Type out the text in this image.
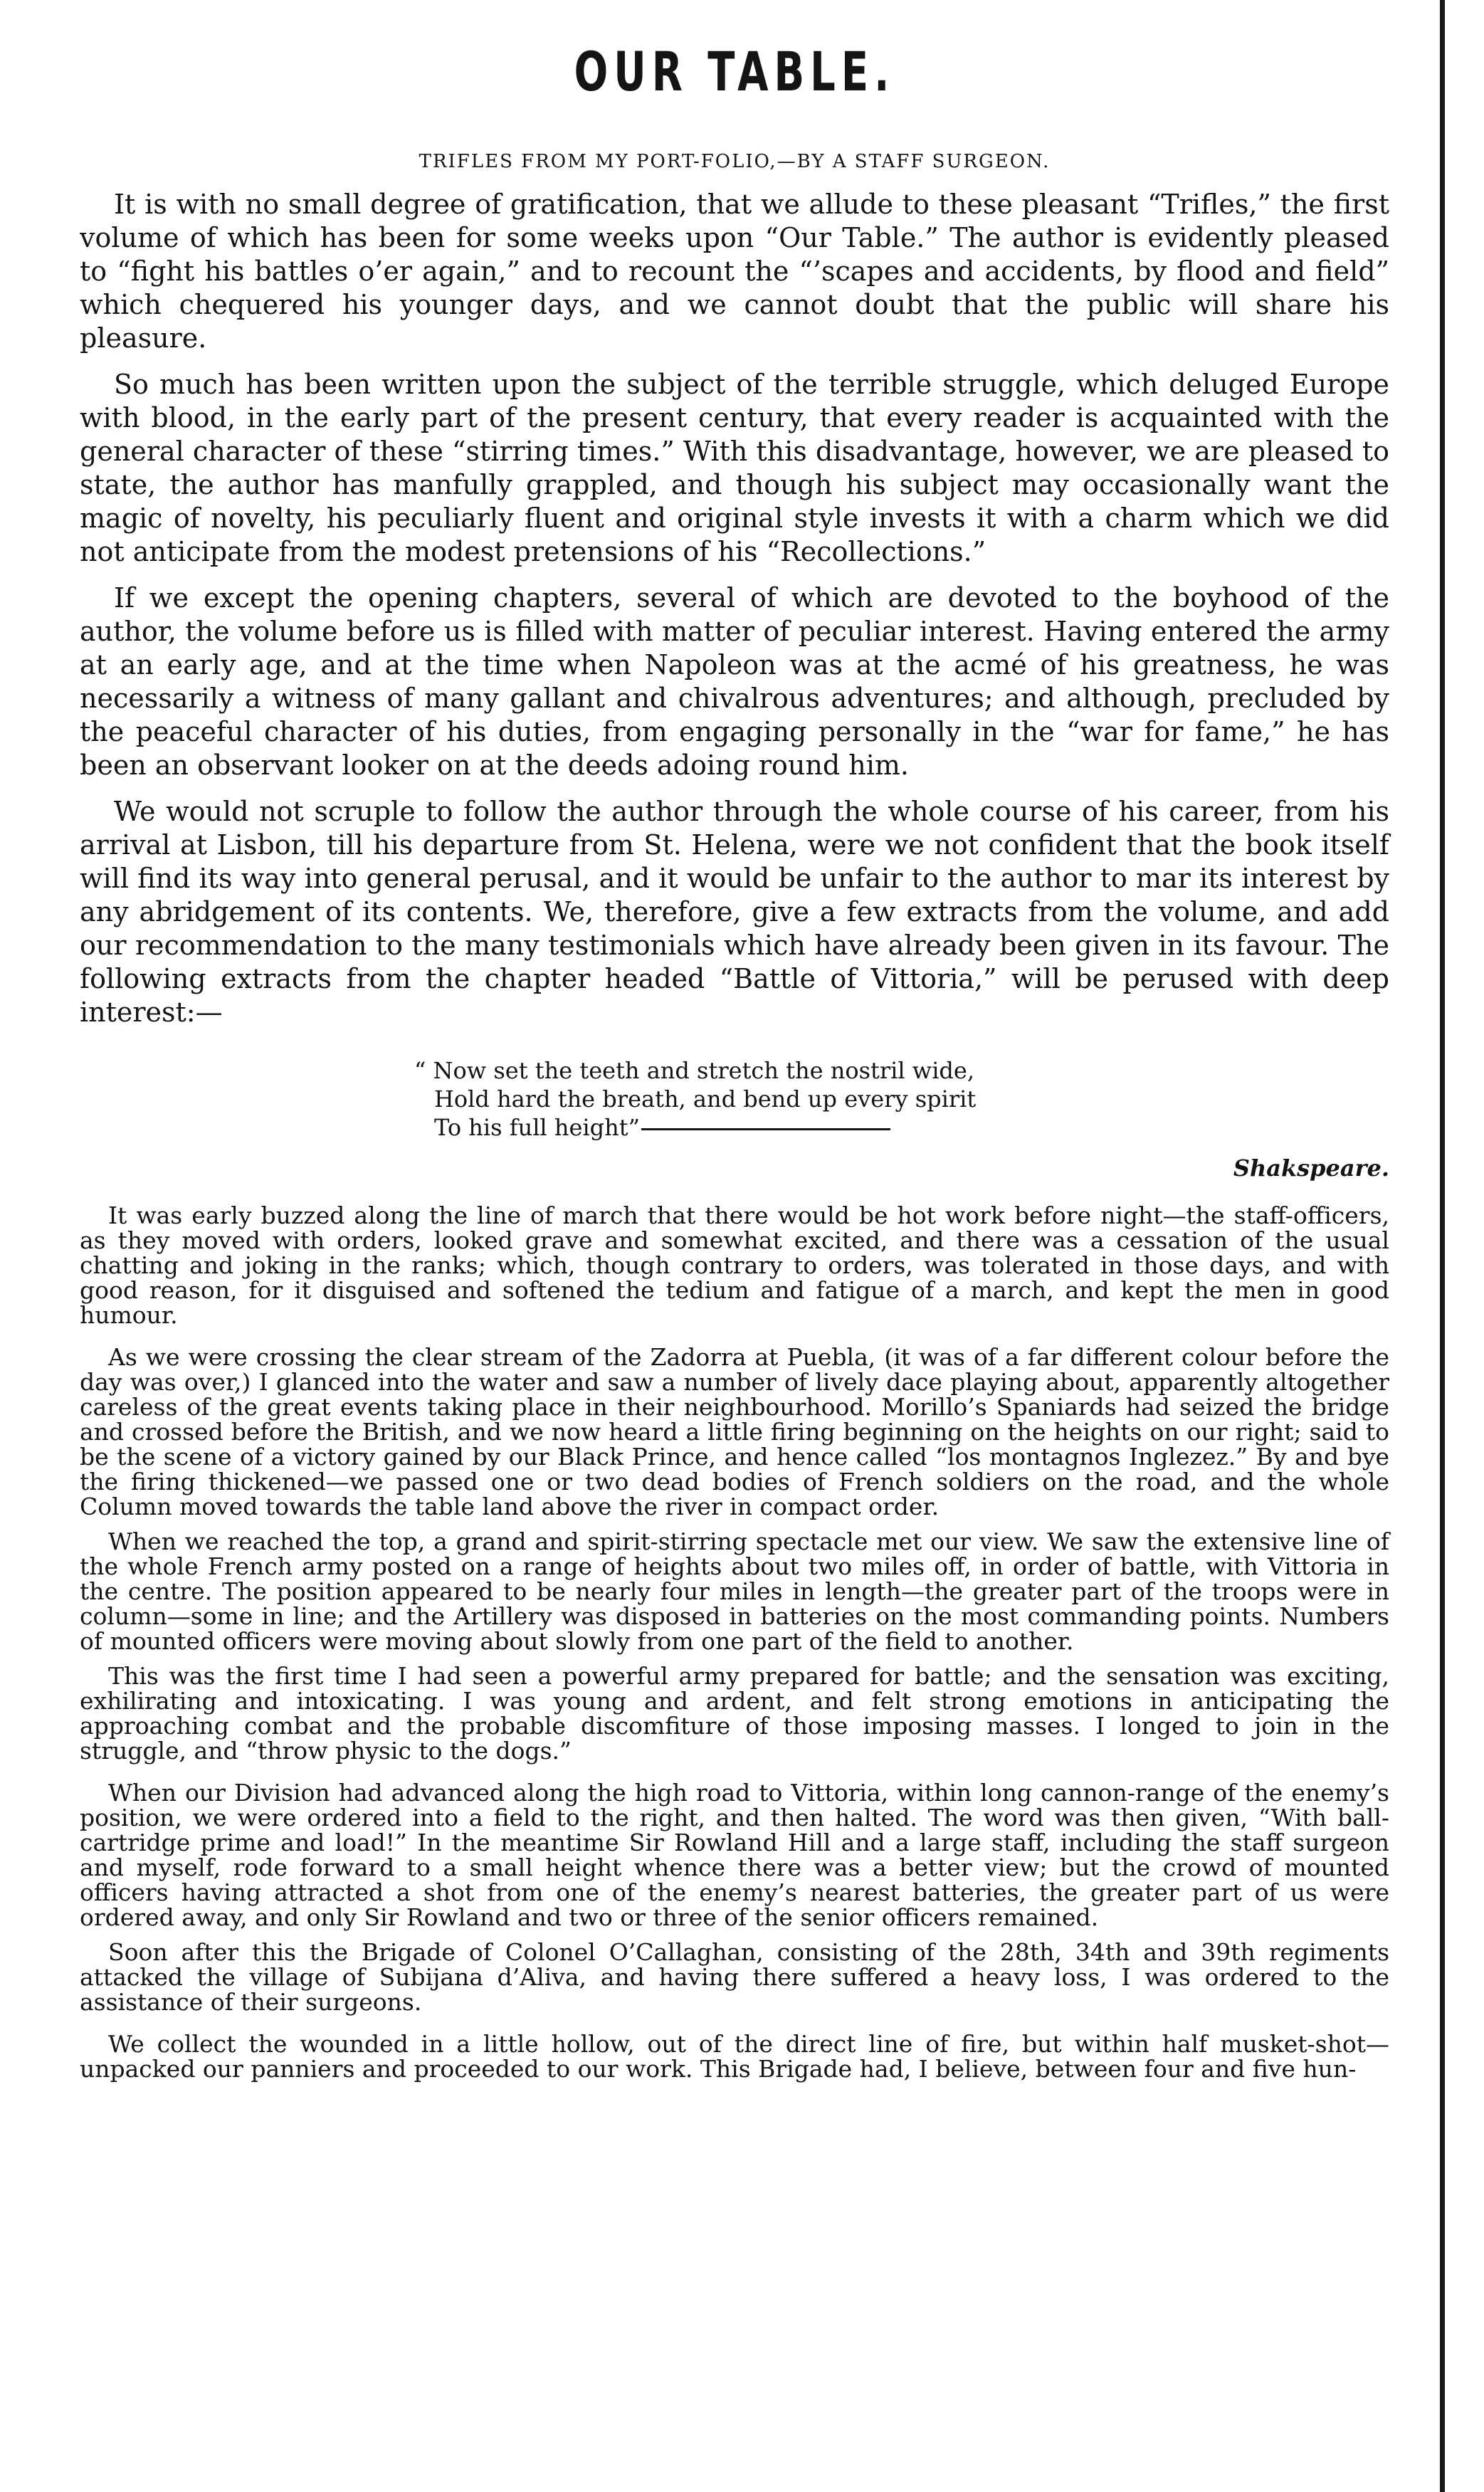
OUR TABLE.
TRIFLES FROM MY PORT-FOLIO,—BY A STAFF SURGEON.

It is with no small degree of gratification, that we allude to these pleasant “Trifles,” the first volume of which has been for some weeks upon “Our Table.” The author is evidently pleased to “fight his battles o’er again,” and to recount the “’scapes and accidents, by flood and field” which chequered his younger days, and we cannot doubt that the public will share his pleasure.

So much has been written upon the subject of the terrible struggle, which deluged Europe with blood, in the early part of the present century, that every reader is acquainted with the general character of these “stirring times.” With this disadvantage, however, we are pleased to state, the author has manfully grappled, and though his subject may occasionally want the magic of novelty, his peculiarly fluent and original style invests it with a charm which we did not anticipate from the modest pretensions of his “Recollections.”

If we except the opening chapters, several of which are devoted to the boyhood of the author, the volume before us is filled with matter of peculiar interest. Having entered the army at an early age, and at the time when Napoleon was at the acmé of his greatness, he was necessarily a witness of many gallant and chivalrous adventures; and although, precluded by the peaceful character of his duties, from engaging personally in the “war for fame,” he has been an observant looker on at the deeds adoing round him.

We would not scruple to follow the author through the whole course of his career, from his arrival at Lisbon, till his departure from St. Helena, were we not confident that the book itself will find its way into general perusal, and it would be unfair to the author to mar its interest by any abridgement of its contents. We, therefore, give a few extracts from the volume, and add our recommendation to the many testimonials which have already been given in its favour. The following extracts from the chapter headed “Battle of Vittoria,” will be perused with deep interest:—

“ Now set the teeth and stretch the nostril wide,
Hold hard the breath, and bend up every spirit
To his full height”
Shakspeare.

It was early buzzed along the line of march that there would be hot work before night—the staff-officers, as they moved with orders, looked grave and somewhat excited, and there was a cessation of the usual chatting and joking in the ranks; which, though contrary to orders, was tolerated in those days, and with good reason, for it disguised and softened the tedium and fatigue of a march, and kept the men in good humour.

As we were crossing the clear stream of the Zadorra at Puebla, (it was of a far different colour before the day was over,) I glanced into the water and saw a number of lively dace playing about, apparently altogether careless of the great events taking place in their neighbourhood. Morillo’s Spaniards had seized the bridge and crossed before the British, and we now heard a little firing beginning on the heights on our right; said to be the scene of a victory gained by our Black Prince, and hence called “los montagnos Inglezez.” By and bye the firing thickened—we passed one or two dead bodies of French soldiers on the road, and the whole Column moved towards the table land above the river in compact order.

When we reached the top, a grand and spirit-stirring spectacle met our view. We saw the extensive line of the whole French army posted on a range of heights about two miles off, in order of battle, with Vittoria in the centre. The position appeared to be nearly four miles in length—the greater part of the troops were in column—some in line; and the Artillery was disposed in batteries on the most commanding points. Numbers of mounted officers were moving about slowly from one part of the field to another.

This was the first time I had seen a powerful army prepared for battle; and the sensation was exciting, exhilirating and intoxicating. I was young and ardent, and felt strong emotions in anticipating the approaching combat and the probable discomfiture of those imposing masses. I longed to join in the struggle, and “throw physic to the dogs.”

When our Division had advanced along the high road to Vittoria, within long cannon-range of the enemy’s position, we were ordered into a field to the right, and then halted. The word was then given, “With ball-cartridge prime and load!” In the meantime Sir Rowland Hill and a large staff, including the staff surgeon and myself, rode forward to a small height whence there was a better view; but the crowd of mounted officers having attracted a shot from one of the enemy’s nearest batteries, the greater part of us were ordered away, and only Sir Rowland and two or three of the senior officers remained.

Soon after this the Brigade of Colonel O’Callaghan, consisting of the 28th, 34th and 39th regiments attacked the village of Subijana d’Aliva, and having there suffered a heavy loss, I was ordered to the assistance of their surgeons.

We collect the wounded in a little hollow, out of the direct line of fire, but within half musket-shot—unpacked our panniers and proceeded to our work. This Brigade had, I believe, between four and five hun-
